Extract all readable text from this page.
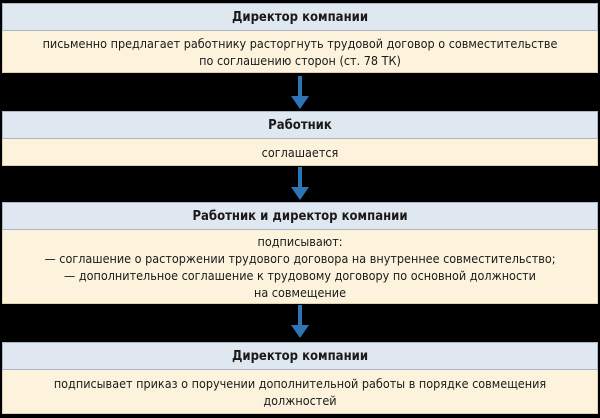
Директор компании
письменно предлагает работнику расторгнуть трудовой договор о совместительстве
по соглашению сторон (ст. 78 ТК)
Работник
соглашается
Работник и директор компании
подписывают:
— соглашение о расторжении трудового договора на внутреннее совместительство;
— дополнительное соглашение к трудовому договору по основной должности
на совмещение
Директор компании
подписывает приказ о поручении дополнительной работы в порядке совмещения
должностей
